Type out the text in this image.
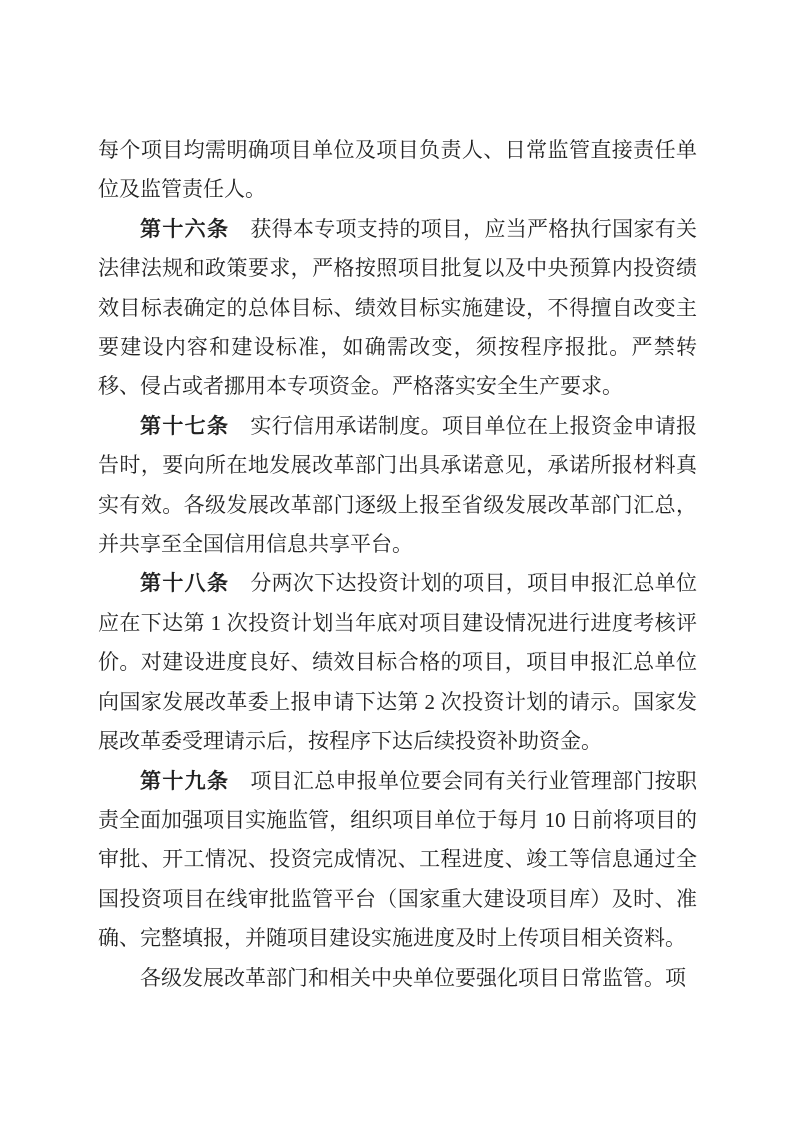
每个项目均需明确项目单位及项目负责人、日常监管直接责任单位及监管责任人。

第十六条 获得本专项支持的项目，应当严格执行国家有关法律法规和政策要求，严格按照项目批复以及中央预算内投资绩效目标表确定的总体目标、绩效目标实施建设，不得擅自改变主要建设内容和建设标准，如确需改变，须按程序报批。严禁转移、侵占或者挪用本专项资金。严格落实安全生产要求。

第十七条 实行信用承诺制度。项目单位在上报资金申请报告时，要向所在地发展改革部门出具承诺意见，承诺所报材料真实有效。各级发展改革部门逐级上报至省级发展改革部门汇总，并共享至全国信用信息共享平台。

第十八条 分两次下达投资计划的项目，项目申报汇总单位应在下达第 1 次投资计划当年底对项目建设情况进行进度考核评价。对建设进度良好、绩效目标合格的项目，项目申报汇总单位向国家发展改革委上报申请下达第 2 次投资计划的请示。国家发展改革委受理请示后，按程序下达后续投资补助资金。

第十九条 项目汇总申报单位要会同有关行业管理部门按职责全面加强项目实施监管，组织项目单位于每月 10 日前将项目的审批、开工情况、投资完成情况、工程进度、竣工等信息通过全国投资项目在线审批监管平台（国家重大建设项目库）及时、准确、完整填报，并随项目建设实施进度及时上传项目相关资料。

各级发展改革部门和相关中央单位要强化项目日常监管。项
